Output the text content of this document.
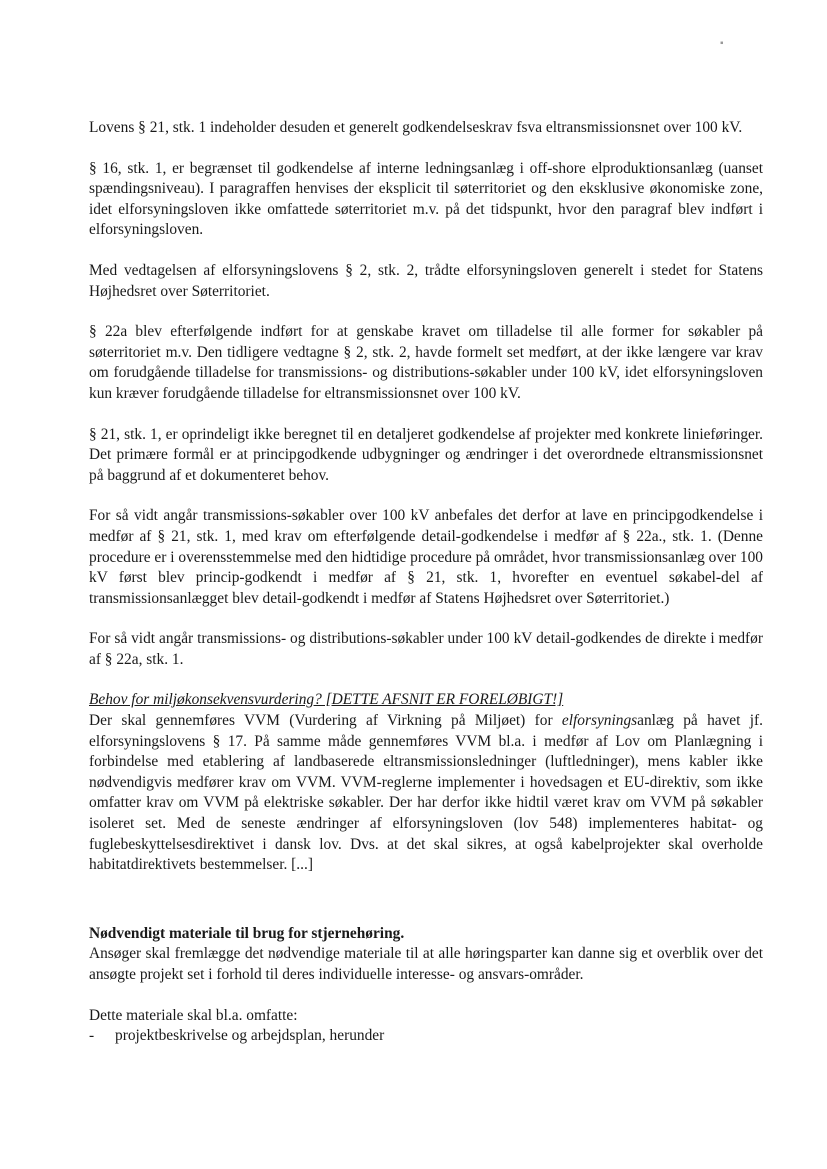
▪

Lovens § 21, stk. 1 indeholder desuden et generelt godkendelseskrav fsva eltransmissionsnet over 100 kV.

§ 16, stk. 1, er begrænset til godkendelse af interne ledningsanlæg i off-shore elproduktionsanlæg (uanset spændingsniveau). I paragraffen henvises der eksplicit til søterritoriet og den eksklusive økonomiske zone, idet elforsyningsloven ikke omfattede søterritoriet m.v. på det tidspunkt, hvor den paragraf blev indført i elforsyningsloven.

Med vedtagelsen af elforsyningslovens § 2, stk. 2, trådte elforsyningsloven generelt i stedet for Statens Højhedsret over Søterritoriet.

§ 22a blev efterfølgende indført for at genskabe kravet om tilladelse til alle former for søkabler på søterritoriet m.v. Den tidligere vedtagne § 2, stk. 2, havde formelt set medført, at der ikke længere var krav om forudgående tilladelse for transmissions- og distributions-søkabler under 100 kV, idet elforsyningsloven kun kræver forudgående tilladelse for eltransmissionsnet over 100 kV.

§ 21, stk. 1, er oprindeligt ikke beregnet til en detaljeret godkendelse af projekter med konkrete linieføringer. Det primære formål er at principgodkende udbygninger og ændringer i det overordnede eltransmissionsnet på baggrund af et dokumenteret behov.

For så vidt angår transmissions-søkabler over 100 kV anbefales det derfor at lave en principgodkendelse i medfør af § 21, stk. 1, med krav om efterfølgende detail-godkendelse i medfør af § 22a., stk. 1. (Denne procedure er i overensstemmelse med den hidtidige procedure på området, hvor transmissionsanlæg over 100 kV først blev princip-godkendt i medfør af § 21, stk. 1, hvorefter en eventuel søkabel-del af transmissionsanlægget blev detail-godkendt i medfør af Statens Højhedsret over Søterritoriet.)

For så vidt angår transmissions- og distributions-søkabler under 100 kV detail-godkendes de direkte i medfør af § 22a, stk. 1.

Behov for miljøkonsekvensvurdering? [DETTE AFSNIT ER FORELØBIGT!]

Der skal gennemføres VVM (Vurdering af Virkning på Miljøet) for elforsyningsanlæg på havet jf. elforsyningslovens § 17. På samme måde gennemføres VVM bl.a. i medfør af Lov om Planlægning i forbindelse med etablering af landbaserede eltransmissionsledninger (luftledninger), mens kabler ikke nødvendigvis medfører krav om VVM. VVM-reglerne implementer i hovedsagen et EU-direktiv, som ikke omfatter krav om VVM på elektriske søkabler. Der har derfor ikke hidtil været krav om VVM på søkabler isoleret set. Med de seneste ændringer af elforsyningsloven (lov 548) implementeres habitat- og fuglebeskyttelsesdirektivet i dansk lov. Dvs. at det skal sikres, at også kabelprojekter skal overholde habitatdirektivets bestemmelser. [...]

Nødvendigt materiale til brug for stjernehøring.

Ansøger skal fremlægge det nødvendige materiale til at alle høringsparter kan danne sig et overblik over det ansøgte projekt set i forhold til deres individuelle interesse- og ansvars-områder.

Dette materiale skal bl.a. omfatte:

- projektbeskrivelse og arbejdsplan, herunder
